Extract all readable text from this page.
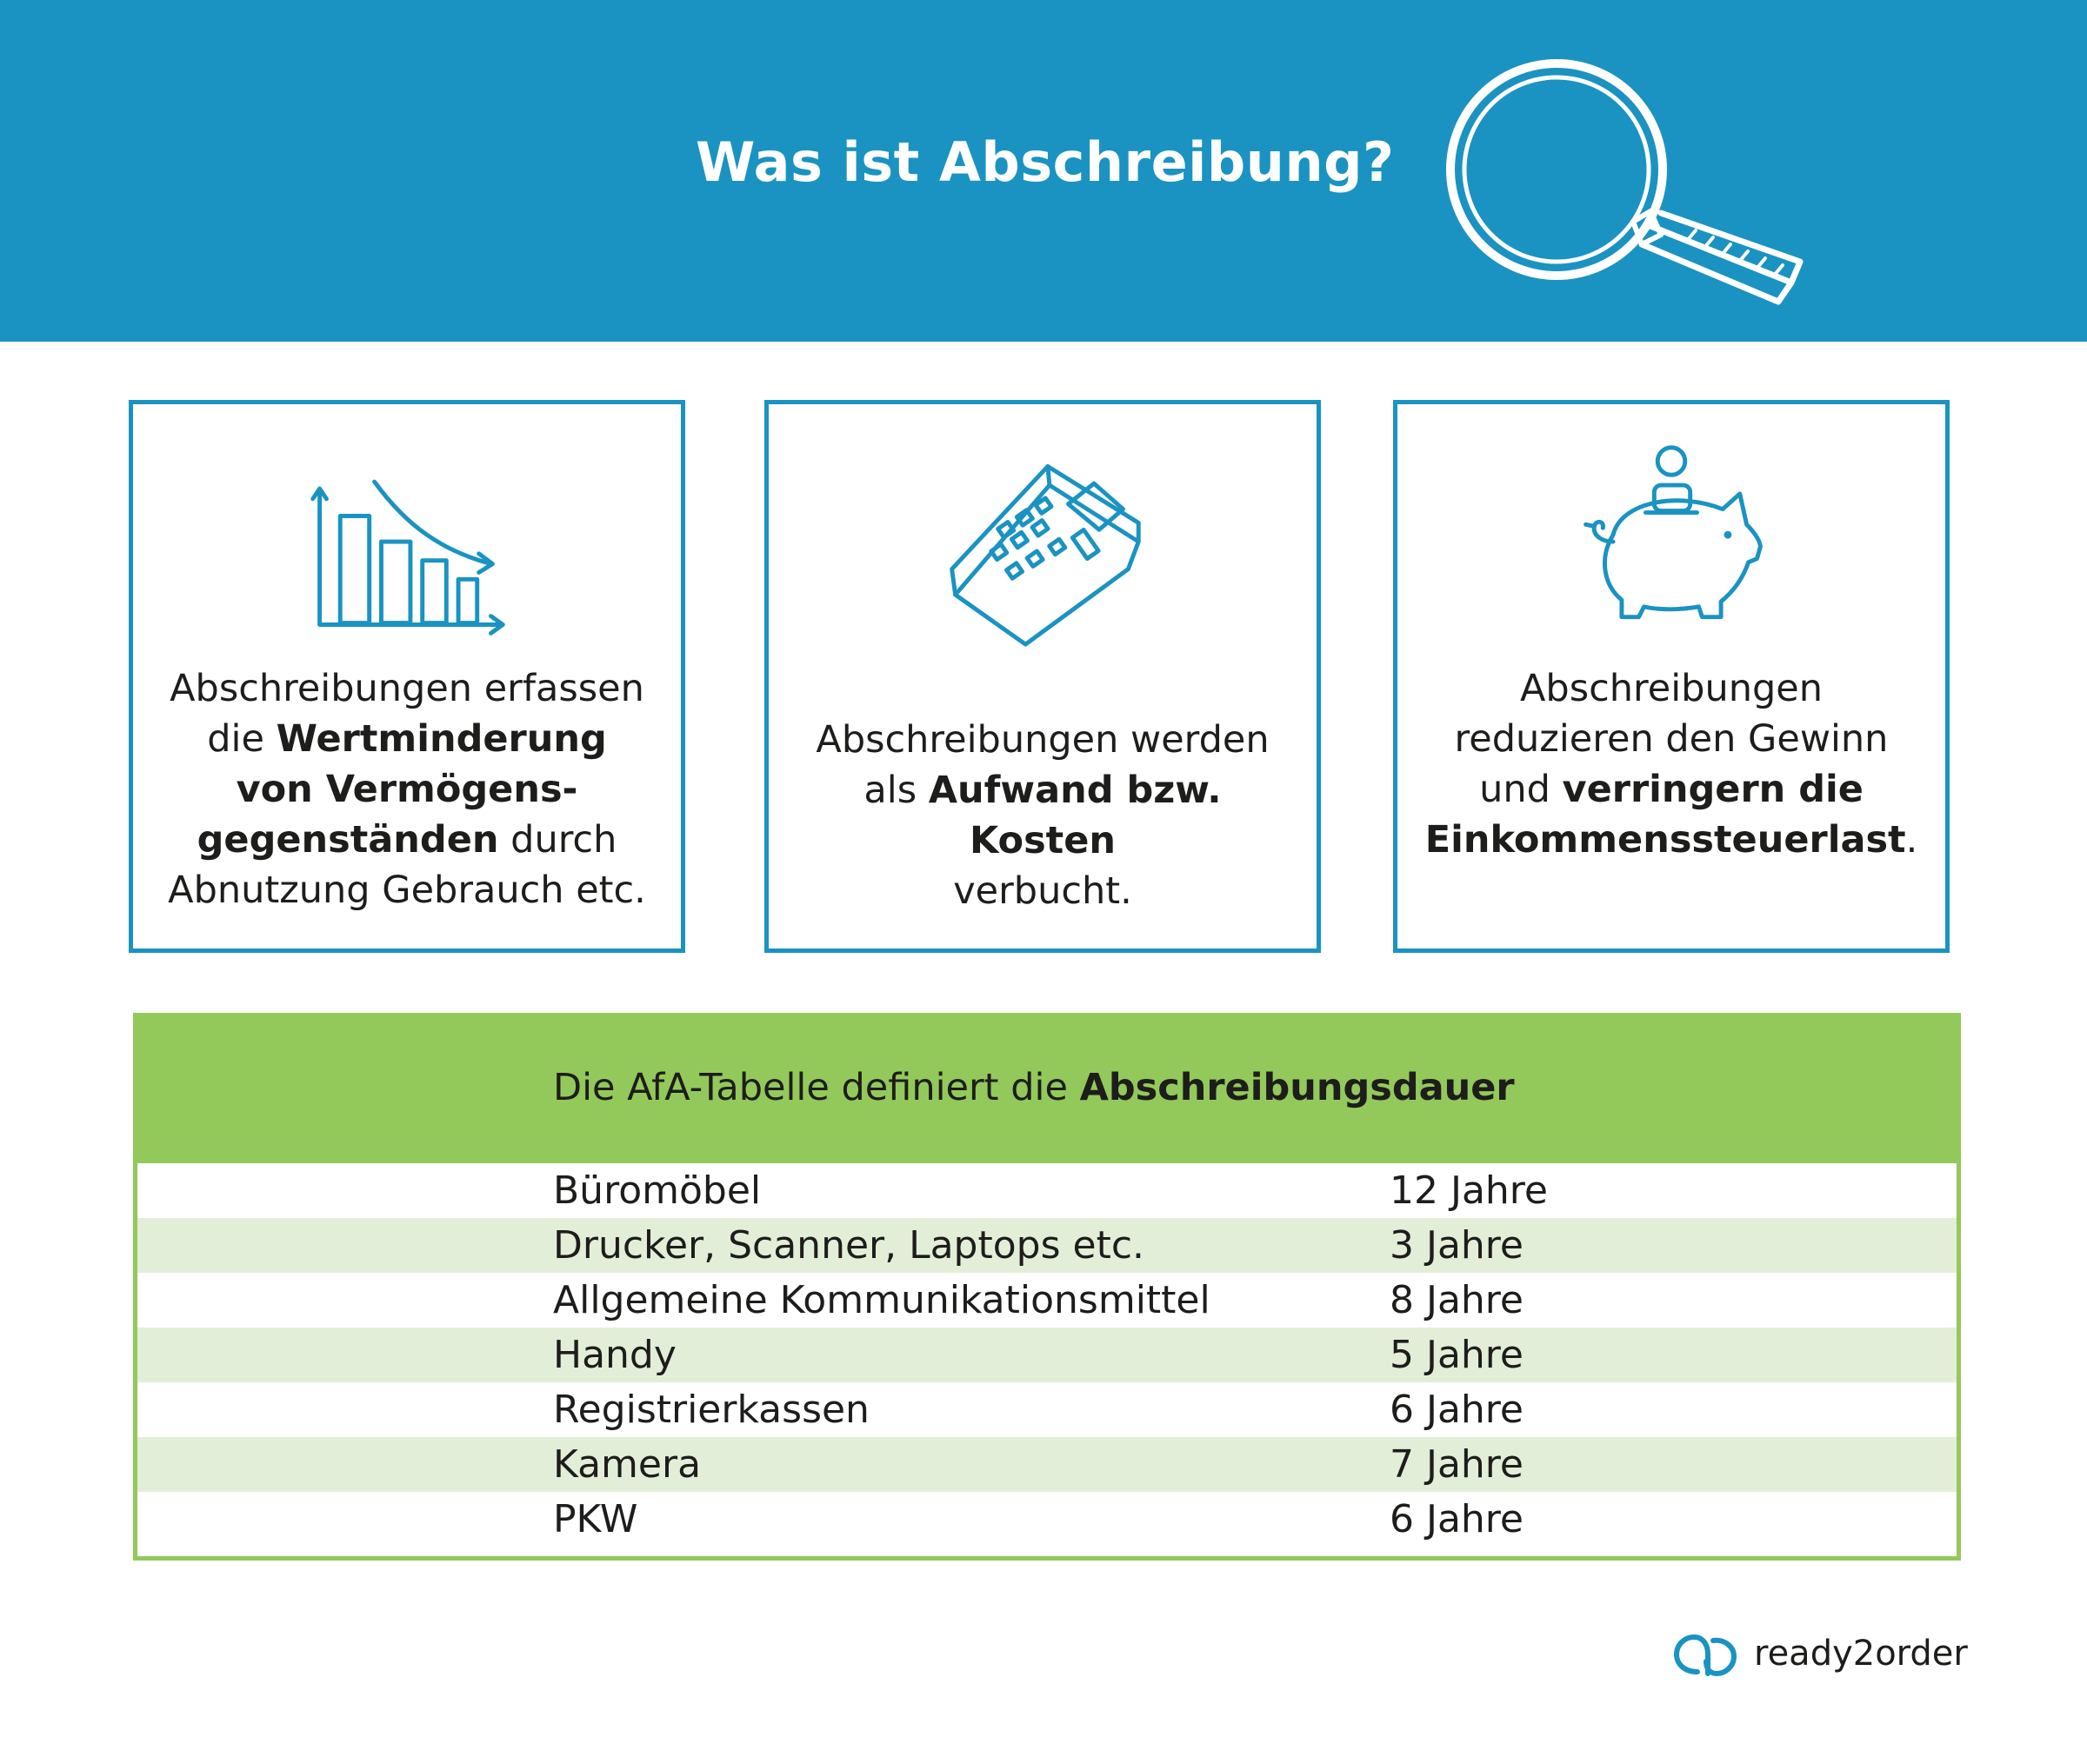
Was ist Abschreibung?
Abschreibungen erfassen
die Wertminderung
von Vermögens-
gegenständen durch
Abnutzung Gebrauch etc.
Abschreibungen werden
als Aufwand bzw. Kosten
verbucht.
Abschreibungen
reduzieren den Gewinn
und verringern die
Einkommenssteuerlast.
Die AfA-Tabelle definiert die Abschreibungsdauer
Büromöbel	12 Jahre
Drucker, Scanner, Laptops etc.	3 Jahre
Allgemeine Kommunikationsmittel	8 Jahre
Handy	5 Jahre
Registrierkassen	6 Jahre
Kamera	7 Jahre
PKW	6 Jahre
ready2order
